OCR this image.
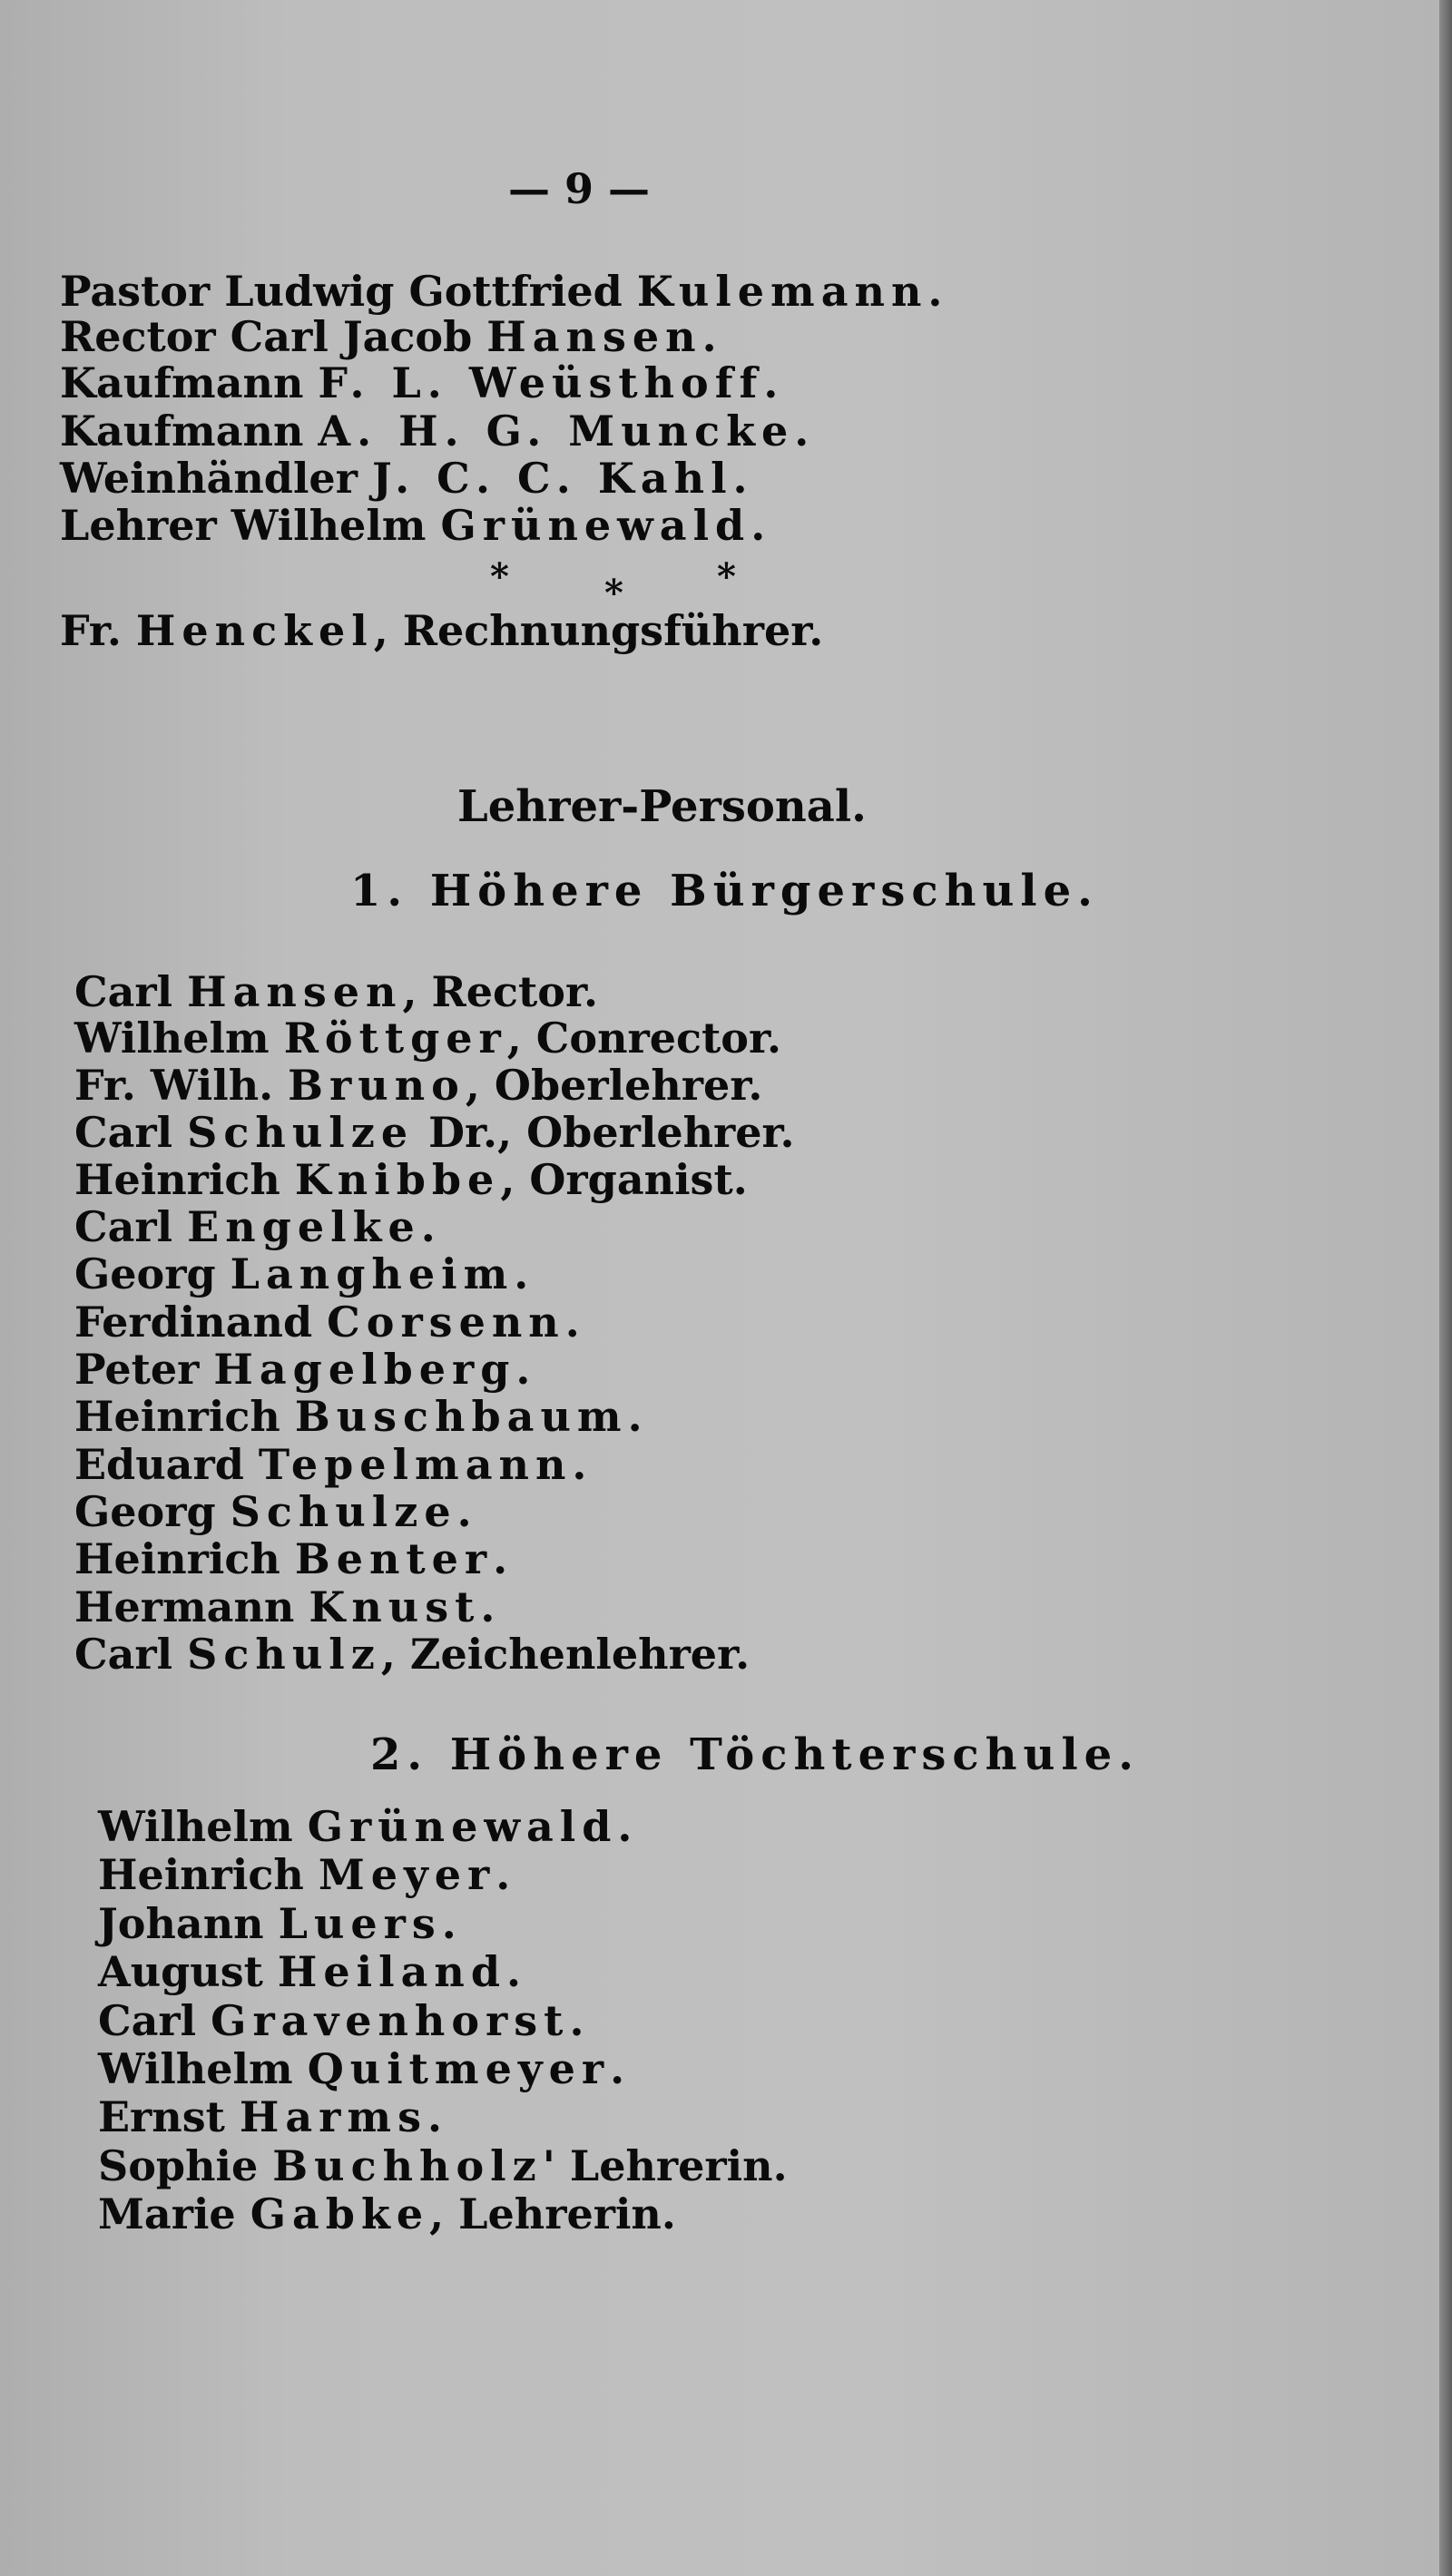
— 9 —
Pastor Ludwig Gottfried Kulemann.
Rector Carl Jacob Hansen.
Kaufmann F. L. Weüsthoff.
Kaufmann A. H. G. Muncke.
Weinhändler J. C. C. Kahl.
Lehrer Wilhelm Grünewald.
*	*	*
Fr. Henckel, Rechnungsführer.
Lehrer-Personal.
1. Höhere Bürgerschule.
Carl Hansen, Rector.
Wilhelm Röttger, Conrector.
Fr. Wilh. Bruno, Oberlehrer.
Carl Schulze Dr., Oberlehrer.
Heinrich Knibbe, Organist.
Carl Engelke.
Georg Langheim.
Ferdinand Corsenn.
Peter Hagelberg.
Heinrich Buschbaum.
Eduard Tepelmann.
Georg Schulze.
Heinrich Benter.
Hermann Knust.
Carl Schulz, Zeichenlehrer.
2. Höhere Töchterschule.
Wilhelm Grünewald.
Heinrich Meyer.
Johann Luers.
August Heiland.
Carl Gravenhorst.
Wilhelm Quitmeyer.
Ernst Harms.
Sophie Buchholz' Lehrerin.
Marie Gabke, Lehrerin.
